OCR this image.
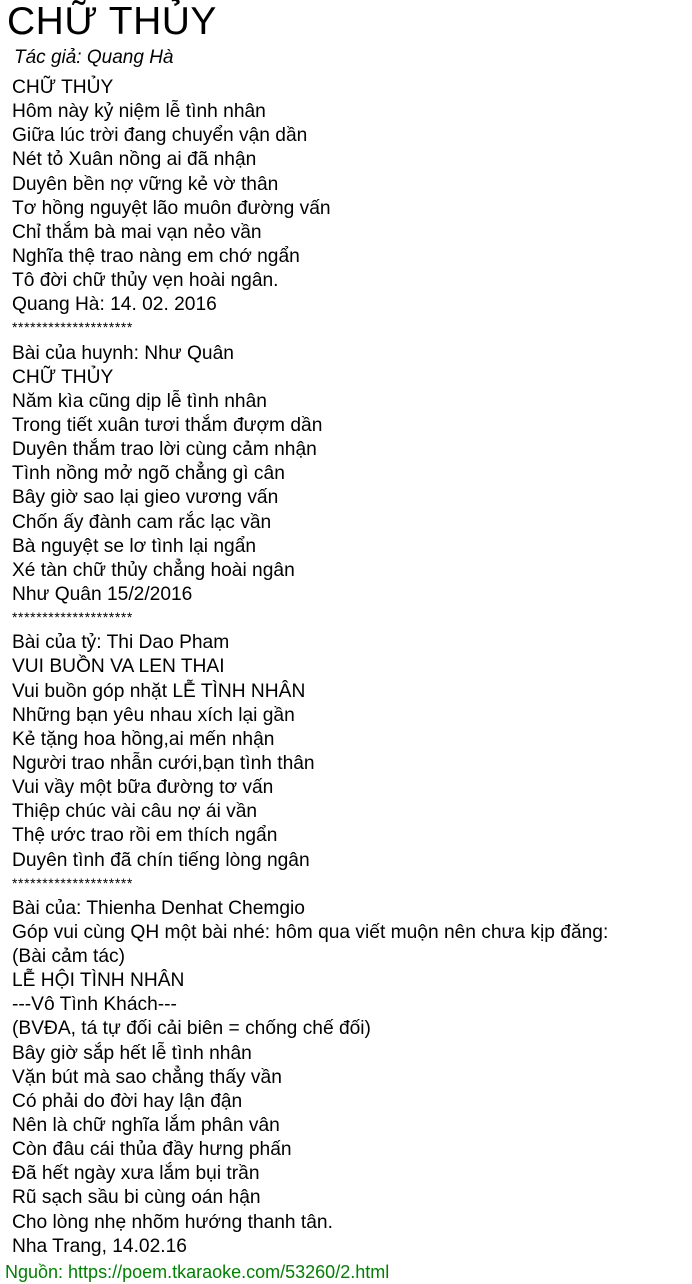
CHỮ THỦY
Tác giả: Quang Hà
CHỮ THỦY
Hôm này kỷ niệm lễ tình nhân
Giữa lúc trời đang chuyển vận dần
Nét tỏ Xuân nồng ai đã nhận
Duyên bền nợ vững kẻ vờ thân
Tơ hồng nguyệt lão muôn đường vấn
Chỉ thắm bà mai vạn nẻo vần
Nghĩa thệ trao nàng em chớ ngẩn
Tô đời chữ thủy vẹn hoài ngân.
Quang Hà: 14. 02. 2016
********************
Bài của huynh: Như Quân
CHỮ THỦY
Năm kìa cũng dịp lễ tình nhân
Trong tiết xuân tươi thắm đượm dần
Duyên thắm trao lời cùng cảm nhận
Tình nồng mở ngõ chẳng gì cân
Bây giờ sao lại gieo vương vấn
Chốn ấy đành cam rắc lạc vần
Bà nguyệt se lơ tình lại ngẩn
Xé tàn chữ thủy chẳng hoài ngân
Như Quân 15/2/2016
********************
Bài của tỷ: Thi Dao Pham
VUI BUỒN VA LEN THAI
Vui buồn góp nhặt LỄ TÌNH NHÂN
Những bạn yêu nhau xích lại gần
Kẻ tặng hoa hồng,ai mến nhận
Người trao nhẫn cưới,bạn tình thân
Vui vầy một bữa đường tơ vấn
Thiệp chúc vài câu nợ ái vần
Thệ ước trao rồi em thích ngẩn
Duyên tình đã chín tiếng lòng ngân
********************
Bài của: Thienha Denhat Chemgio
Góp vui cùng QH một bài nhé: hôm qua viết muộn nên chưa kịp đăng:
(Bài cảm tác)
LỄ HỘI TÌNH NHÂN
---Vô Tình Khách---
(BVĐA, tá tự đối cải biên = chống chế đối)
Bây giờ sắp hết lễ tình nhân
Vặn bút mà sao chẳng thấy vần
Có phải do đời hay lận đận
Nên là chữ nghĩa lắm phân vân
Còn đâu cái thủa đầy hưng phấn
Đã hết ngày xưa lắm bụi trần
Rũ sạch sầu bi cùng oán hận
Cho lòng nhẹ nhõm hướng thanh tân.
Nha Trang, 14.02.16
Nguồn: https://poem.tkaraoke.com/53260/2.html
